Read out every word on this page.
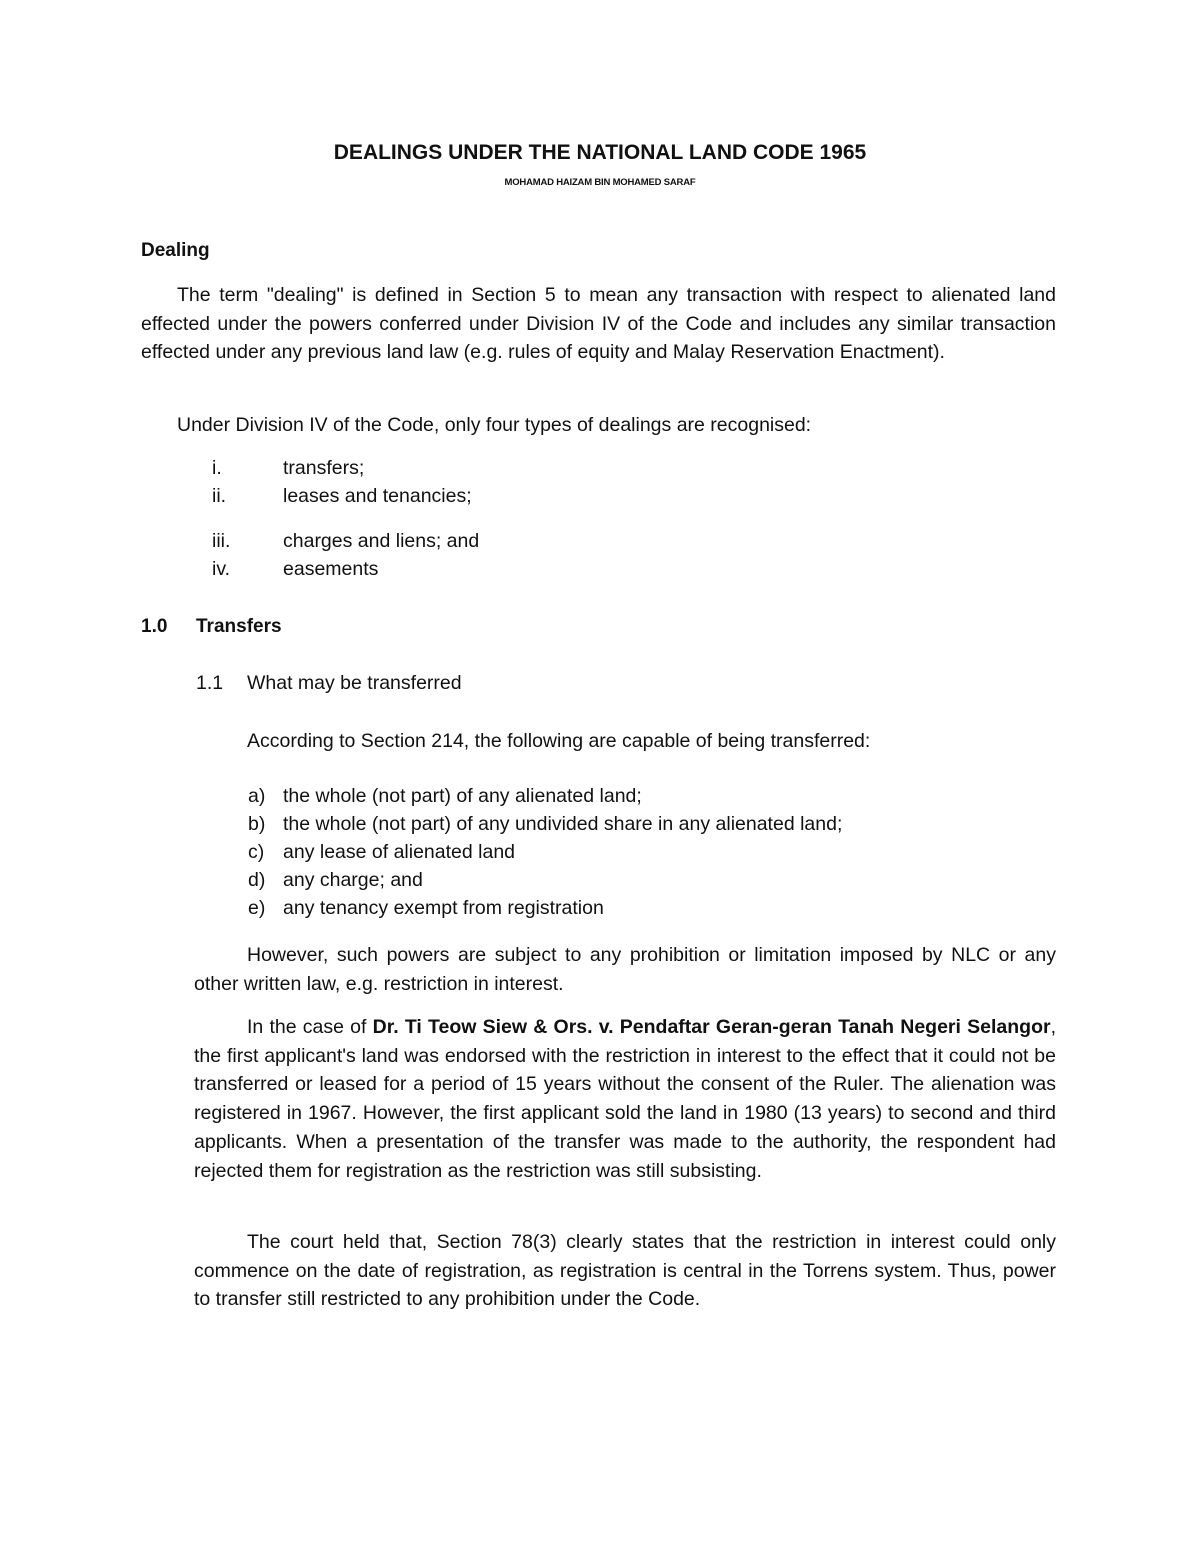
DEALINGS UNDER THE NATIONAL LAND CODE 1965
MOHAMAD HAIZAM BIN MOHAMED SARAF
Dealing
The term "dealing" is defined in Section 5 to mean any transaction with respect to alienated land effected under the powers conferred under Division IV of the Code and includes any similar transaction effected under any previous land law (e.g. rules of equity and Malay Reservation Enactment).
Under Division IV of the Code, only four types of dealings are recognised:
i.	transfers;
ii.	leases and tenancies;
iii.	charges and liens; and
iv.	easements
1.0 Transfers
1.1 What may be transferred
According to Section 214, the following are capable of being transferred:
a) the whole (not part) of any alienated land;
b) the whole (not part) of any undivided share in any alienated land;
c) any lease of alienated land
d) any charge; and
e) any tenancy exempt from registration
However, such powers are subject to any prohibition or limitation imposed by NLC or any other written law, e.g. restriction in interest.
In the case of Dr. Ti Teow Siew & Ors. v. Pendaftar Geran-geran Tanah Negeri Selangor, the first applicant's land was endorsed with the restriction in interest to the effect that it could not be transferred or leased for a period of 15 years without the consent of the Ruler. The alienation was registered in 1967. However, the first applicant sold the land in 1980 (13 years) to second and third applicants. When a presentation of the transfer was made to the authority, the respondent had rejected them for registration as the restriction was still subsisting.
The court held that, Section 78(3) clearly states that the restriction in interest could only commence on the date of registration, as registration is central in the Torrens system. Thus, power to transfer still restricted to any prohibition under the Code.
